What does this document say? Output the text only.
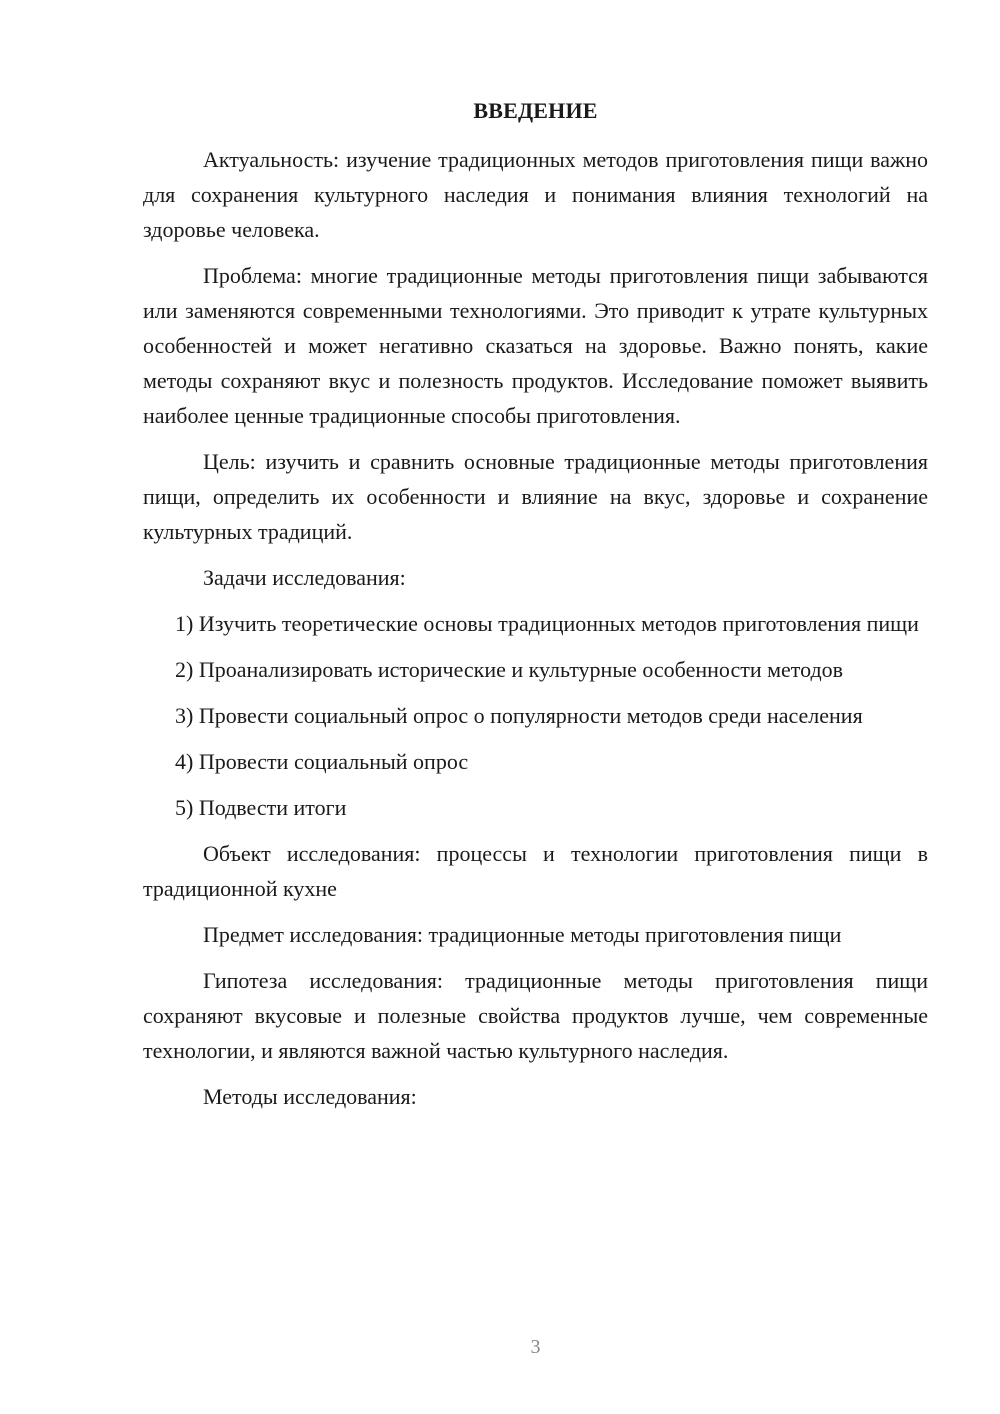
ВВЕДЕНИЕ

Актуальность: изучение традиционных методов приготовления пищи важно для сохранения культурного наследия и понимания влияния технологий на здоровье человека.

Проблема: многие традиционные методы приготовления пищи забываются или заменяются современными технологиями. Это приводит к утрате культурных особенностей и может негативно сказаться на здоровье. Важно понять, какие методы сохраняют вкус и полезность продуктов. Исследование поможет выявить наиболее ценные традиционные способы приготовления.

Цель: изучить и сравнить основные традиционные методы приготовления пищи, определить их особенности и влияние на вкус, здоровье и сохранение культурных традиций.

Задачи исследования:

1) Изучить теоретические основы традиционных методов приготовления пищи

2) Проанализировать исторические и культурные особенности методов

3) Провести социальный опрос о популярности методов среди населения

4) Провести социальный опрос

5) Подвести итоги

Объект исследования: процессы и технологии приготовления пищи в традиционной кухне

Предмет исследования: традиционные методы приготовления пищи

Гипотеза исследования: традиционные методы приготовления пищи сохраняют вкусовые и полезные свойства продуктов лучше, чем современные технологии, и являются важной частью культурного наследия.

Методы исследования:

3
